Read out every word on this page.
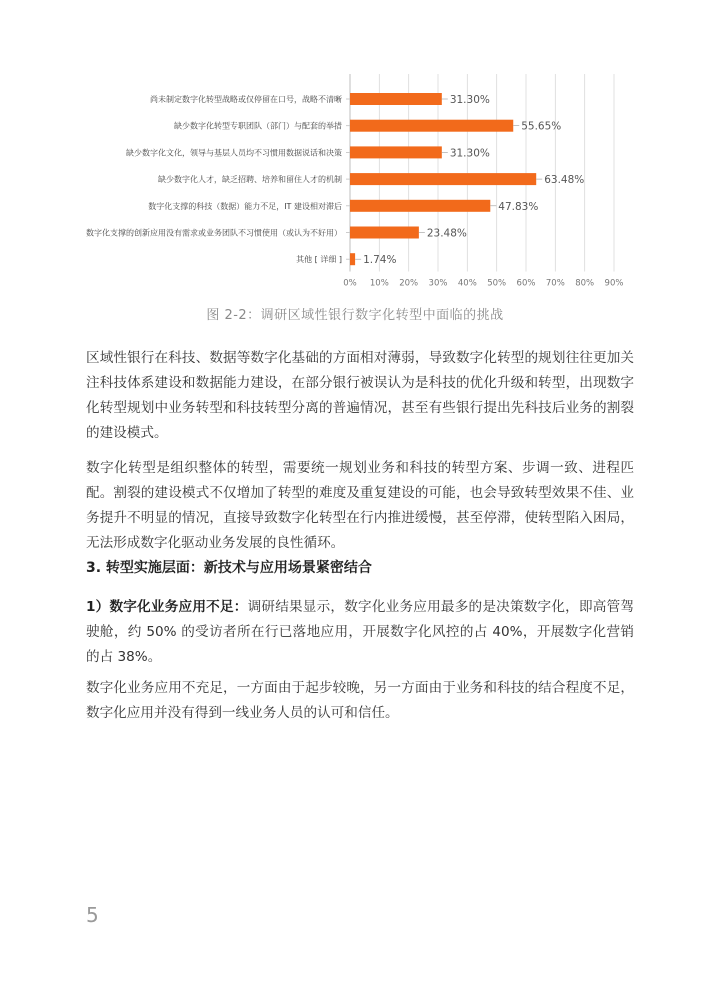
0% 10% 20% 30% 40% 50% 60% 70% 80% 90%
尚未制定数字化转型战略或仅停留在口号，战略不清晰	31.30%
缺少数字化转型专职团队（部门）与配套的举措	55.65%
缺少数字化文化，领导与基层人员均不习惯用数据说话和决策	31.30%
缺少数字化人才，缺乏招聘、培养和留住人才的机制	63.48%
数字化支撑的科技（数据）能力不足，IT 建设相对滞后	47.83%
数字化支撑的创新应用没有需求或业务团队不习惯使用（或认为不好用）	23.48%
其他 [ 详细 ] 1.74%
图 2-2：调研区域性银行数字化转型中面临的挑战

区域性银行在科技、数据等数字化基础的方面相对薄弱，导致数字化转型的规划往往更加关注科技体系建设和数据能力建设，在部分银行被误认为是科技的优化升级和转型，出现数字化转型规划中业务转型和科技转型分离的普遍情况，甚至有些银行提出先科技后业务的割裂的建设模式。

数字化转型是组织整体的转型，需要统一规划业务和科技的转型方案、步调一致、进程匹配。割裂的建设模式不仅增加了转型的难度及重复建设的可能，也会导致转型效果不佳、业务提升不明显的情况，直接导致数字化转型在行内推进缓慢，甚至停滞，使转型陷入困局，无法形成数字化驱动业务发展的良性循环。

3. 转型实施层面：新技术与应用场景紧密结合

1）数字化业务应用不足：调研结果显示，数字化业务应用最多的是决策数字化，即高管驾驶舱，约 50% 的受访者所在行已落地应用，开展数字化风控的占 40%，开展数字化营销的占 38%。

数字化业务应用不充足，一方面由于起步较晚，另一方面由于业务和科技的结合程度不足，数字化应用并没有得到一线业务人员的认可和信任。

5
